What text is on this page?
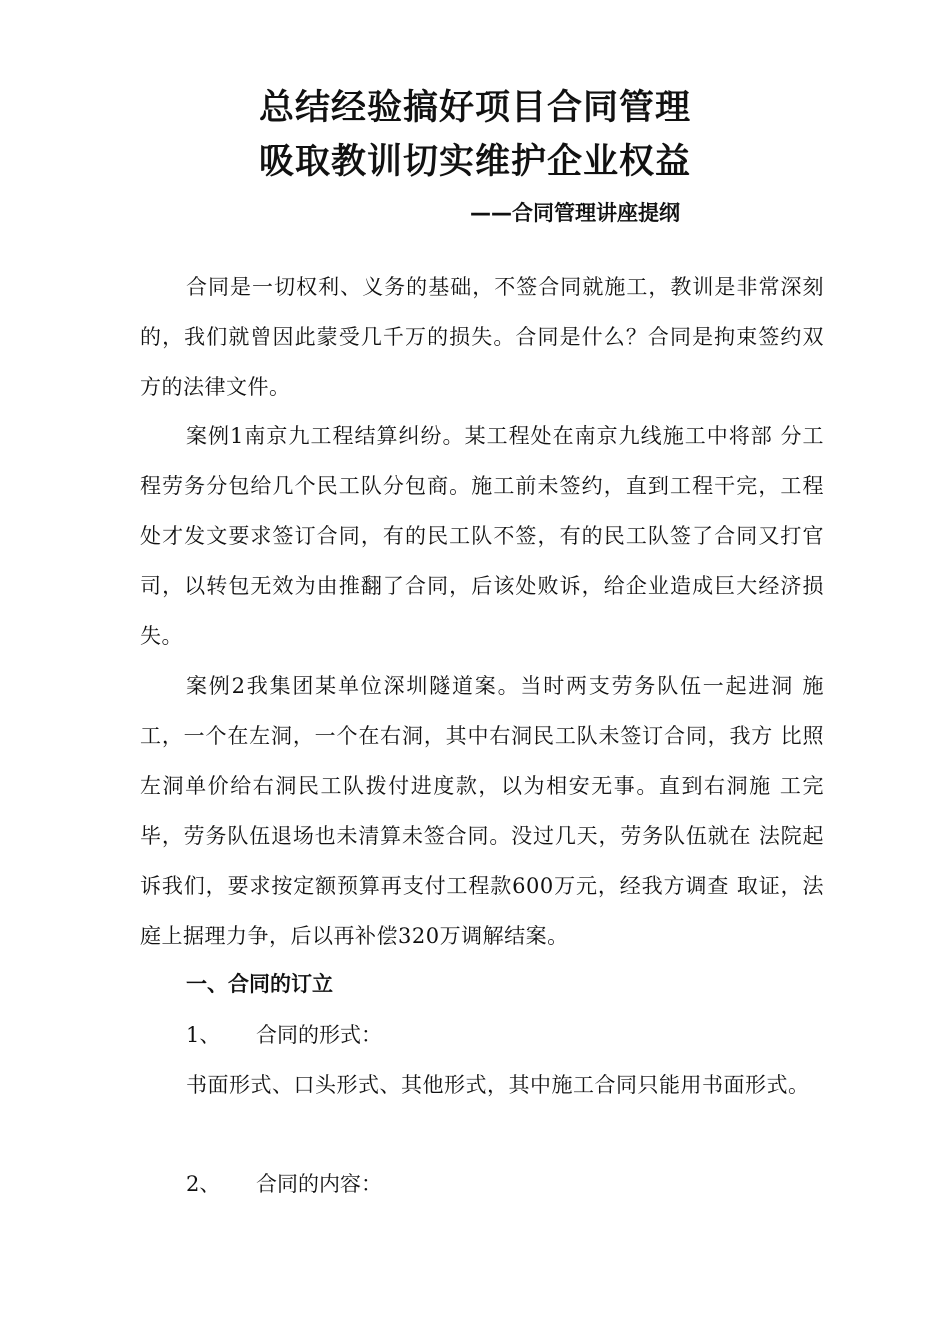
总结经验搞好项目合同管理
吸取教训切实维护企业权益
——合同管理讲座提纲

合同是一切权利、义务的基础，不签合同就施工，教训是非常深刻的，我们就曾因此蒙受几千万的损失。合同是什么？合同是拘束签约双方的法律文件。

案例1南京九工程结算纠纷。某工程处在南京九线施工中将部 分工程劳务分包给几个民工队分包商。施工前未签约，直到工程干完，工程处才发文要求签订合同，有的民工队不签，有的民工队签了合同又打官司，以转包无效为由推翻了合同，后该处败诉，给企业造成巨大经济损失。

案例2我集团某单位深圳隧道案。当时两支劳务队伍一起进洞 施工，一个在左洞，一个在右洞，其中右洞民工队未签订合同，我方 比照左洞单价给右洞民工队拨付进度款，以为相安无事。直到右洞施 工完毕，劳务队伍退场也未清算未签合同。没过几天，劳务队伍就在 法院起诉我们，要求按定额预算再支付工程款600万元，经我方调查 取证，法庭上据理力争，后以再补偿320万调解结案。

一、合同的订立

1、 合同的形式：

书面形式、口头形式、其他形式，其中施工合同只能用书面形式。

2、 合同的内容：
